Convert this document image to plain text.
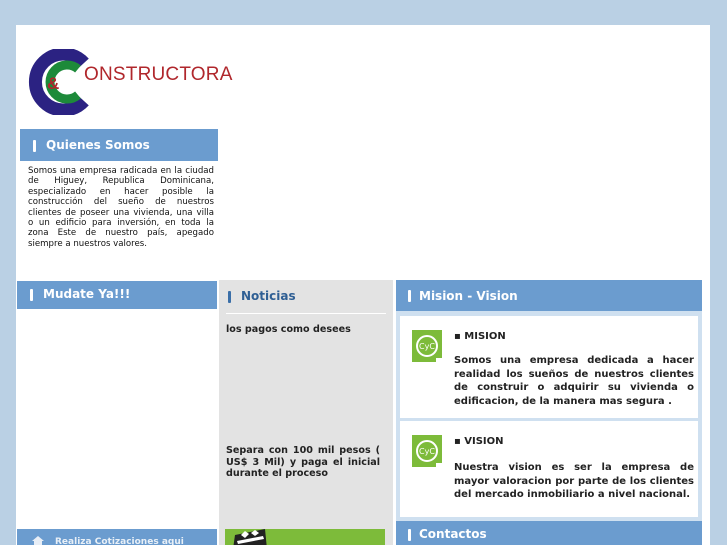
& ONSTRUCTORA
Quienes Somos
Somos una empresa radicada en la ciudad de Higuey, Republica Dominicana, especializado en hacer posible la construcción del sueño de nuestros clientes de poseer una vivienda, una villa o un edificio para inversión, en toda la zona Este de nuestro país, apegado siempre a nuestros valores.
Mudate Ya!!!
Realiza Cotizaciones aqui
Noticias
los pagos como desees
Separa con 100 mil pesos ( US$ 3 Mil) y paga el inicial durante el proceso
Mision - Vision
CyC
▪ MISION
Somos una empresa dedicada a hacer realidad los sueños de nuestros clientes de construir o adquirir su vivienda o edificacion, de la manera mas segura .
CyC
▪ VISION
Nuestra vision es ser la empresa de mayor valoracion por parte de los clientes del mercado inmobiliario a nivel nacional.
Contactos
